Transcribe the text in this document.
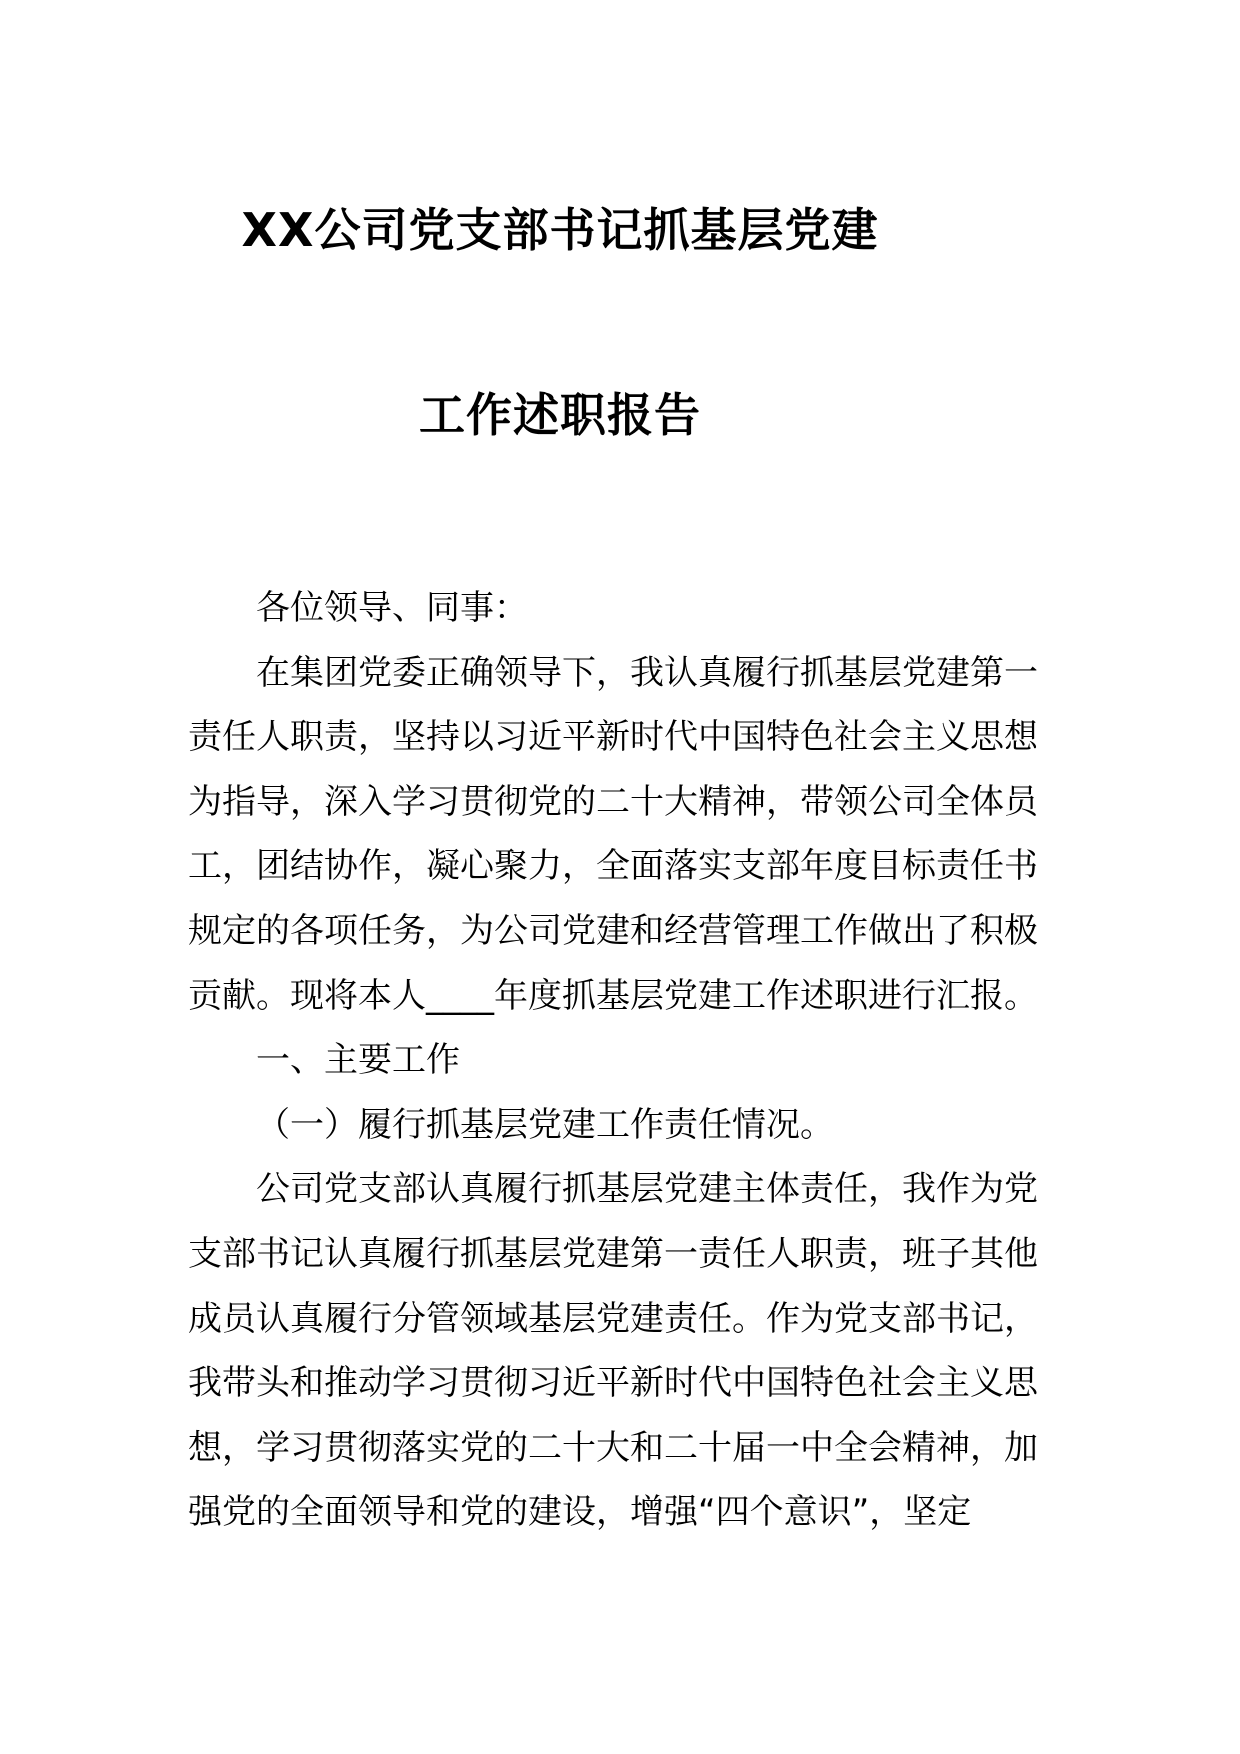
XX公司党支部书记抓基层党建
工作述职报告
各位领导、同事：
在集团党委正确领导下，我认真履行抓基层党建第一
责任人职责，坚持以习近平新时代中国特色社会主义思想
为指导，深入学习贯彻党的二十大精神，带领公司全体员
工，团结协作，凝心聚力，全面落实支部年度目标责任书
规定的各项任务，为公司党建和经营管理工作做出了积极
贡献。现将本人____年度抓基层党建工作述职进行汇报。
一、主要工作
（一）履行抓基层党建工作责任情况。
公司党支部认真履行抓基层党建主体责任，我作为党
支部书记认真履行抓基层党建第一责任人职责，班子其他
成员认真履行分管领域基层党建责任。作为党支部书记，
我带头和推动学习贯彻习近平新时代中国特色社会主义思
想，学习贯彻落实党的二十大和二十届一中全会精神，加
强党的全面领导和党的建设，增强“四个意识”，坚定
